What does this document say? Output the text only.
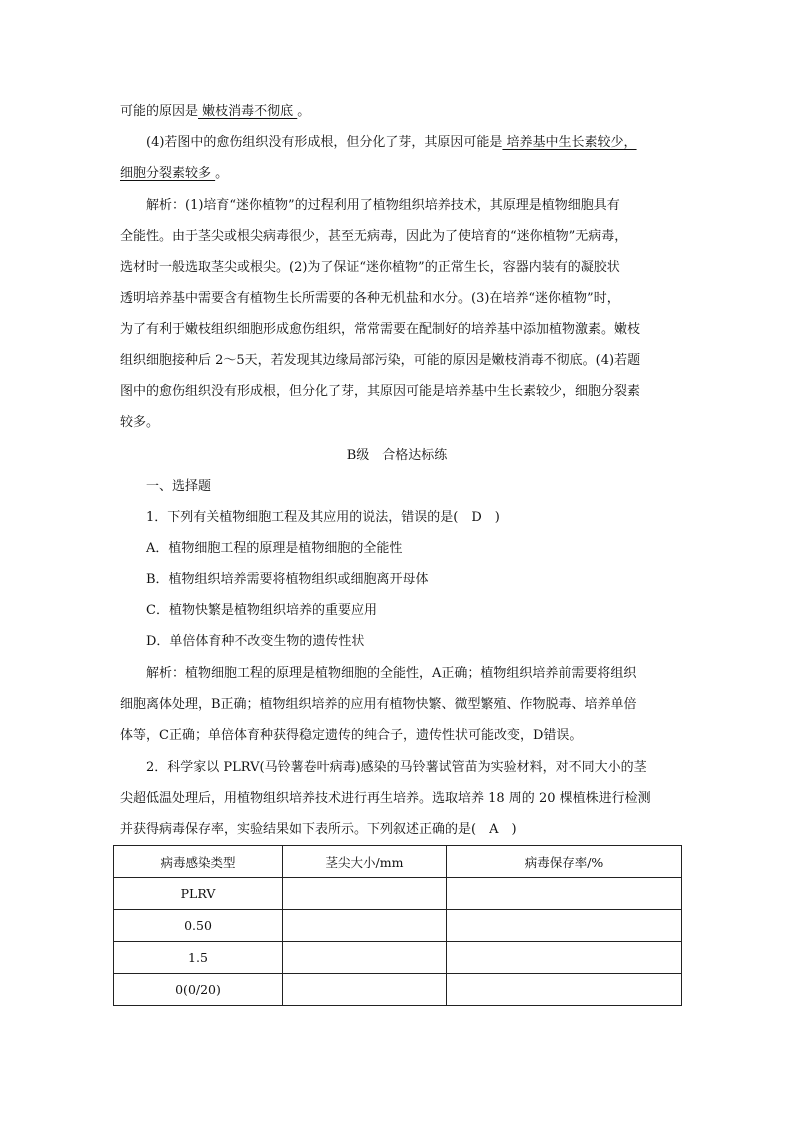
可能的原因是 嫩枝消毒不彻底 。
(4)若图中的愈伤组织没有形成根，但分化了芽，其原因可能是 培养基中生长素较少，
细胞分裂素较多 。
解析：(1)培育“迷你植物”的过程利用了植物组织培养技术，其原理是植物细胞具有
全能性。由于茎尖或根尖病毒很少，甚至无病毒，因此为了使培育的“迷你植物”无病毒，
选材时一般选取茎尖或根尖。(2)为了保证“迷你植物”的正常生长，容器内装有的凝胶状
透明培养基中需要含有植物生长所需要的各种无机盐和水分。(3)在培养“迷你植物”时，
为了有利于嫩枝组织细胞形成愈伤组织，常常需要在配制好的培养基中添加植物激素。嫩枝
组织细胞接种后 2～5天，若发现其边缘局部污染，可能的原因是嫩枝消毒不彻底。(4)若题
图中的愈伤组织没有形成根，但分化了芽，其原因可能是培养基中生长素较少，细胞分裂素
较多。
B级　合格达标练
一、选择题
1．下列有关植物细胞工程及其应用的说法，错误的是(　D　)
A．植物细胞工程的原理是植物细胞的全能性
B．植物组织培养需要将植物组织或细胞离开母体
C．植物快繁是植物组织培养的重要应用
D．单倍体育种不改变生物的遗传性状
解析：植物细胞工程的原理是植物细胞的全能性，A正确；植物组织培养前需要将组织
细胞离体处理，B正确；植物组织培养的应用有植物快繁、微型繁殖、作物脱毒、培养单倍
体等，C正确；单倍体育种获得稳定遗传的纯合子，遗传性状可能改变，D错误。
2．科学家以 PLRV(马铃薯卷叶病毒)感染的马铃薯试管苗为实验材料，对不同大小的茎
尖超低温处理后，用植物组织培养技术进行再生培养。选取培养 18 周的 20 棵植株进行检测
并获得病毒保存率，实验结果如下表所示。下列叙述正确的是(　A　)
病毒感染类型	茎尖大小/mm	病毒保存率/%
PLRV		
0.50		
1.5		
0(0/20)		
